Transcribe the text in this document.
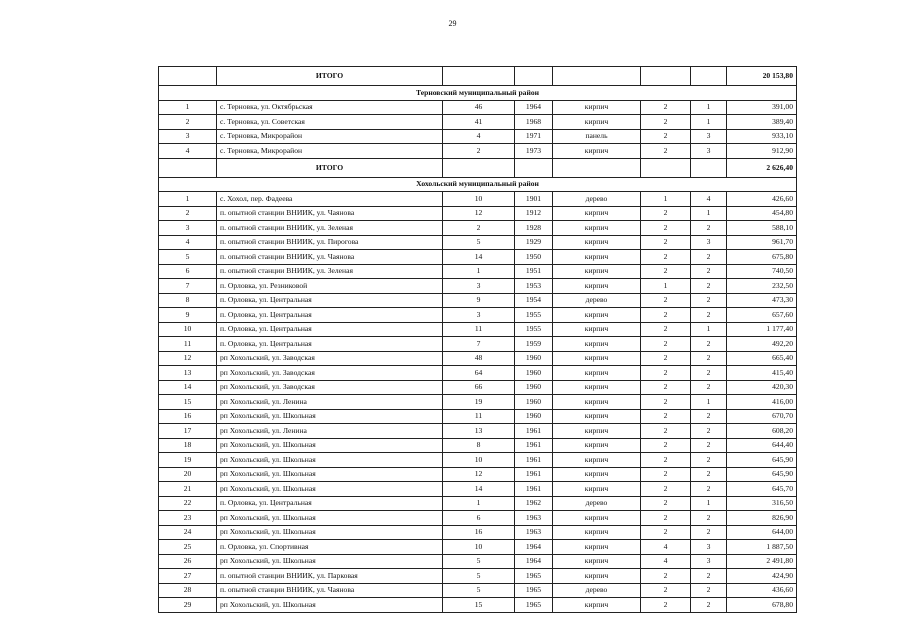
29
	ИТОГО						20 153,80
Терновский муниципальный район							
1	с. Терновка, ул. Октябрьская	46	1964	кирпич	2	1	391,00
2	с. Терновка, ул. Советская	41	1968	кирпич	2	1	389,40
3	с. Терновка, Микрорайон	4	1971	панель	2	3	933,10
4	с. Терновка, Микрорайон	2	1973	кирпич	2	3	912,90
	ИТОГО						2 626,40
Хохольский муниципальный район							
1	с. Хохол, пер. Фадеева	10	1901	дерево	1	4	426,60
2	п. опытной станции ВНИИК, ул. Чаянова	12	1912	кирпич	2	1	454,80
3	п. опытной станции ВНИИК, ул. Зеленая	2	1928	кирпич	2	2	588,10
4	п. опытной станции ВНИИК, ул. Пирогова	5	1929	кирпич	2	3	961,70
5	п. опытной станции ВНИИК, ул. Чаянова	14	1950	кирпич	2	2	675,80
6	п. опытной станции ВНИИК, ул. Зеленая	1	1951	кирпич	2	2	740,50
7	п. Орловка, ул. Резниковой	3	1953	кирпич	1	2	232,50
8	п. Орловка, ул. Центральная	9	1954	дерево	2	2	473,30
9	п. Орловка, ул. Центральная	3	1955	кирпич	2	2	657,60
10	п. Орловка, ул. Центральная	11	1955	кирпич	2	1	1 177,40
11	п. Орловка, ул. Центральная	7	1959	кирпич	2	2	492,20
12	рп Хохольский, ул. Заводская	48	1960	кирпич	2	2	665,40
13	рп Хохольский, ул. Заводская	64	1960	кирпич	2	2	415,40
14	рп Хохольский, ул. Заводская	66	1960	кирпич	2	2	420,30
15	рп Хохольский, ул. Ленина	19	1960	кирпич	2	1	416,00
16	рп Хохольский, ул. Школьная	11	1960	кирпич	2	2	670,70
17	рп Хохольский, ул. Ленина	13	1961	кирпич	2	2	608,20
18	рп Хохольский, ул. Школьная	8	1961	кирпич	2	2	644,40
19	рп Хохольский, ул. Школьная	10	1961	кирпич	2	2	645,90
20	рп Хохольский, ул. Школьная	12	1961	кирпич	2	2	645,90
21	рп Хохольский, ул. Школьная	14	1961	кирпич	2	2	645,70
22	п. Орловка, ул. Центральная	1	1962	дерево	2	1	316,50
23	рп Хохольский, ул. Школьная	6	1963	кирпич	2	2	826,90
24	рп Хохольский, ул. Школьная	16	1963	кирпич	2	2	644,00
25	п. Орловка, ул. Спортивная	10	1964	кирпич	4	3	1 887,50
26	рп Хохольский, ул. Школьная	5	1964	кирпич	4	3	2 491,80
27	п. опытной станции ВНИИК, ул. Парковая	5	1965	кирпич	2	2	424,90
28	п. опытной станции ВНИИК, ул. Чаянова	5	1965	дерево	2	2	436,60
29	рп Хохольский, ул. Школьная	15	1965	кирпич	2	2	678,80
